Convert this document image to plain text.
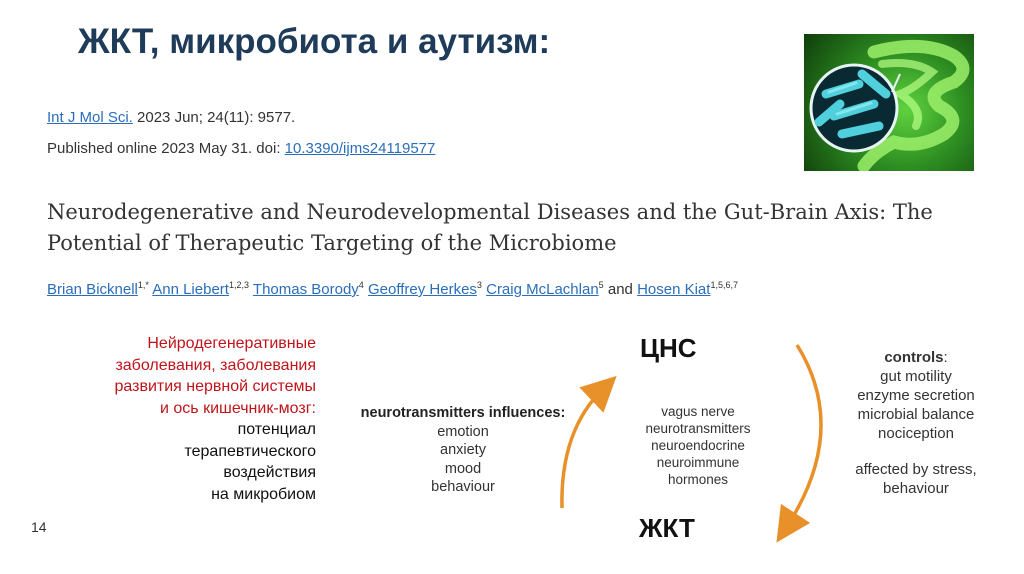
ЖКТ, микробиота и аутизм:
Int J Mol Sci. 2023 Jun; 24(11): 9577.
Published online 2023 May 31. doi: 10.3390/ijms24119577
Neurodegenerative and Neurodevelopmental Diseases and the Gut-Brain Axis: The Potential of Therapeutic Targeting of the Microbiome
Brian Bicknell$^{1,*}$ Ann Liebert$^{1,2,3}$ Thomas Borody$^4$ Geoffrey Herkes$^3$ Craig McLachlan$^5$ and Hosen Kiat$^{1,5,6,7}$
Нейродегенеративные
заболевания, заболевания
развития нервной системы
и ось кишечник-мозг:
потенциал
терапевтического
воздействия
на микробиом
14
ЦНС
ЖКТ
neurotransmitters influences:
emotion
anxiety
mood
behaviour
vagus nerve
neurotransmitters
neuroendocrine
neuroimmune
hormones
controls:
gut motility
enzyme secretion
microbial balance
nociception
affected by stress,
behaviour
